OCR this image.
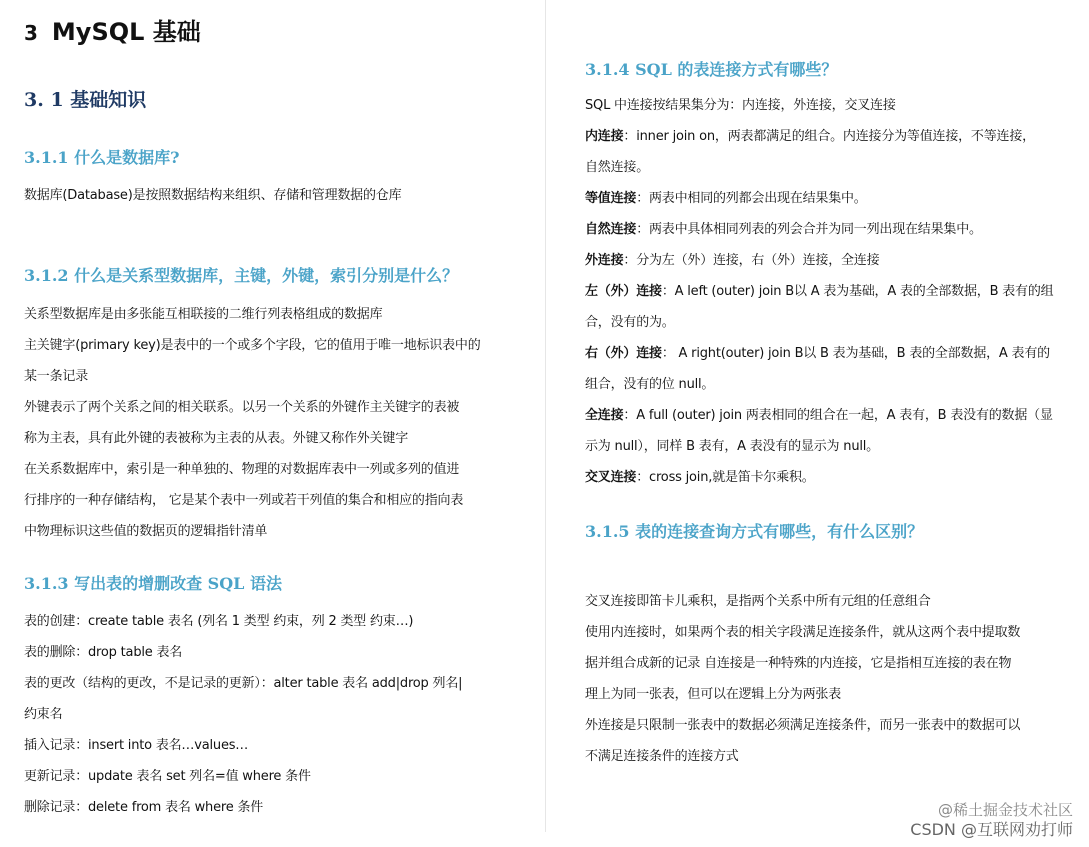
3 MySQL 基础
3. 1 基础知识
3.1.1 什么是数据库?
数据库(Database)是按照数据结构来组织、存储和管理数据的仓库
3.1.2 什么是关系型数据库，主键，外键，索引分别是什么？
关系型数据库是由多张能互相联接的二维行列表格组成的数据库
主关键字(primary key)是表中的一个或多个字段，它的值用于唯一地标识表中的
某一条记录
外键表示了两个关系之间的相关联系。以另一个关系的外键作主关键字的表被
称为主表，具有此外键的表被称为主表的从表。外键又称作外关键字
在关系数据库中，索引是一种单独的、物理的对数据库表中一列或多列的值进
行排序的一种存储结构， 它是某个表中一列或若干列值的集合和相应的指向表
中物理标识这些值的数据页的逻辑指针清单
3.1.3 写出表的增删改查 SQL 语法
表的创建：create table 表名 (列名 1 类型 约束，列 2 类型 约束…)
表的删除：drop table 表名
表的更改（结构的更改，不是记录的更新）：alter table 表名 add|drop 列名|
约束名
插入记录：insert into 表名…values…
更新记录：update 表名 set 列名=值 where 条件
删除记录：delete from 表名 where 条件
3.1.4 SQL 的表连接方式有哪些？
SQL 中连接按结果集分为：内连接，外连接，交叉连接
内连接：inner join on，两表都满足的组合。内连接分为等值连接，不等连接，
自然连接。
等值连接：两表中相同的列都会出现在结果集中。
自然连接：两表中具体相同列表的列会合并为同一列出现在结果集中。
外连接：分为左（外）连接，右（外）连接，全连接
左（外）连接：A left (outer) join B以 A 表为基础，A 表的全部数据，B 表有的组
合，没有的为。
右（外）连接： A right(outer) join B以 B 表为基础，B 表的全部数据，A 表有的
组合，没有的位 null。
全连接：A full (outer) join 两表相同的组合在一起，A 表有，B 表没有的数据（显
示为 null），同样 B 表有，A 表没有的显示为 null。
交叉连接：cross join,就是笛卡尔乘积。
3.1.5 表的连接查询方式有哪些，有什么区别？
交叉连接即笛卡儿乘积，是指两个关系中所有元组的任意组合
使用内连接时，如果两个表的相关字段满足连接条件，就从这两个表中提取数
据并组合成新的记录 自连接是一种特殊的内连接，它是指相互连接的表在物
理上为同一张表，但可以在逻辑上分为两张表
外连接是只限制一张表中的数据必须满足连接条件，而另一张表中的数据可以
不满足连接条件的连接方式
@稀土掘金技术社区
CSDN @互联网劝打师
